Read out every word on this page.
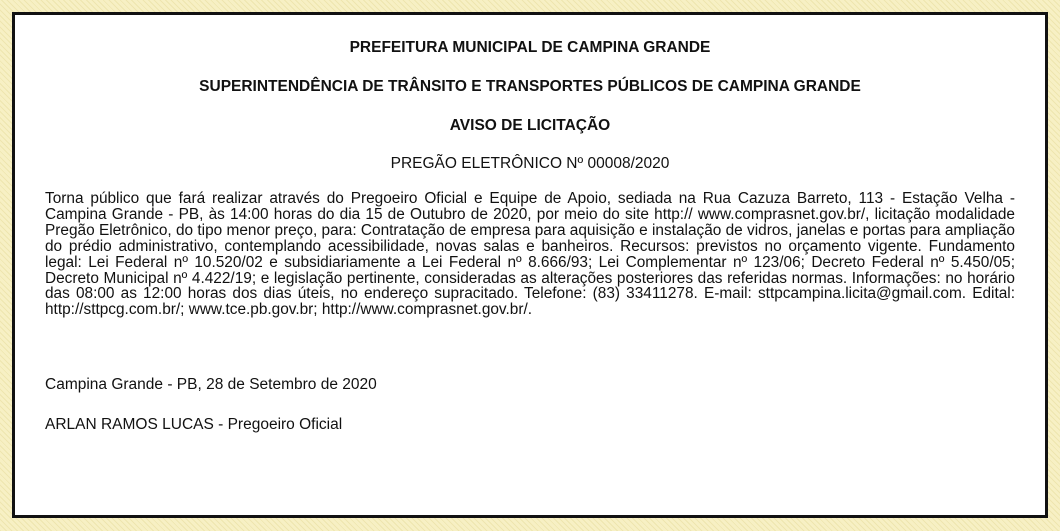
PREFEITURA MUNICIPAL DE CAMPINA GRANDE

SUPERINTENDÊNCIA DE TRÂNSITO E TRANSPORTES PÚBLICOS DE CAMPINA GRANDE

AVISO DE LICITAÇÃO

PREGÃO ELETRÔNICO Nº 00008/2020

Torna público que fará realizar através do Pregoeiro Oficial e Equipe de Apoio, sediada na Rua Cazuza Barreto, 113 - Estação Velha - Campina Grande - PB, às 14:00 horas do dia 15 de Outubro de 2020, por meio do site http:// www.comprasnet.gov.br/, licitação modalidade Pregão Eletrônico, do tipo menor preço, para: Contratação de empresa para aquisição e instalação de vidros, janelas e portas para ampliação do prédio administrativo, contemplando acessibilidade, novas salas e banheiros. Recursos: previstos no orçamento vigente. Fundamento legal: Lei Federal nº 10.520/02 e subsidiariamente a Lei Federal nº 8.666/93; Lei Complementar nº 123/06; Decreto Federal nº 5.450/05; Decreto Municipal nº 4.422/19; e legislação pertinente, consideradas as alterações posteriores das referidas normas. Informações: no horário das 08:00 as 12:00 horas dos dias úteis, no endereço supracitado. Telefone: (83) 33411278. E-mail: sttpcampina.licita@gmail.com. Edital: http://sttpcg.com.br/; www.tce.pb.gov.br; http://www.comprasnet.gov.br/.

Campina Grande - PB, 28 de Setembro de 2020

ARLAN RAMOS LUCAS - Pregoeiro Oficial
